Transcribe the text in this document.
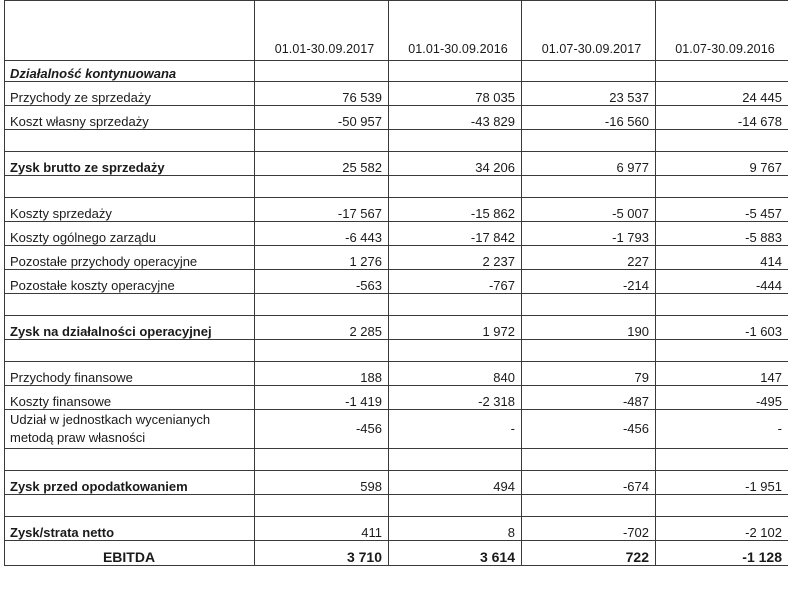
	01.01-30.09.2017	01.01-30.09.2016	01.07-30.09.2017	01.07-30.09.2016
Działalność kontynuowana				
Przychody ze sprzedaży	76 539	78 035	23 537	24 445
Koszt własny sprzedaży	-50 957	-43 829	-16 560	-14 678

Zysk brutto ze sprzedaży	25 582	34 206	6 977	9 767

Koszty sprzedaży	-17 567	-15 862	-5 007	-5 457
Koszty ogólnego zarządu	-6 443	-17 842	-1 793	-5 883
Pozostałe przychody operacyjne	1 276	2 237	227	414
Pozostałe koszty operacyjne	-563	-767	-214	-444

Zysk na działalności operacyjnej	2 285	1 972	190	-1 603

Przychody finansowe	188	840	79	147
Koszty finansowe	-1 419	-2 318	-487	-495
Udział w jednostkach wycenianych
metodą praw własności	-456	-	-456	-

Zysk przed opodatkowaniem	598	494	-674	-1 951

Zysk/strata netto	411	8	-702	-2 102
EBITDA	3 710	3 614	722	-1 128
